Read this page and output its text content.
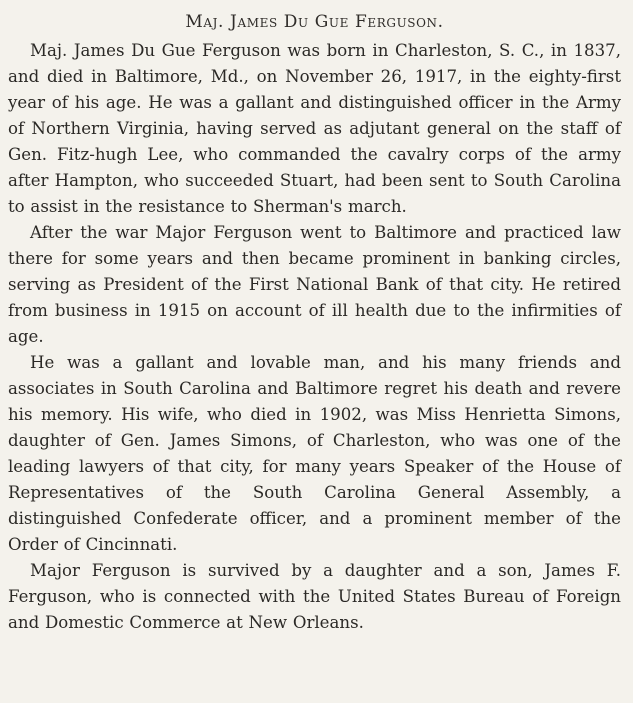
Maj. James Du Gue Ferguson.

Maj. James Du Gue Ferguson was born in Charleston, S. C., in 1837, and died in Baltimore, Md., on November 26, 1917, in the eighty-first year of his age. He was a gallant and distinguished officer in the Army of Northern Virginia, having served as adjutant general on the staff of Gen. Fitz-hugh Lee, who commanded the cavalry corps of the army after Hampton, who succeeded Stuart, had been sent to South Carolina to assist in the resistance to Sherman's march.

After the war Major Ferguson went to Baltimore and practiced law there for some years and then became prominent in banking circles, serving as President of the First National Bank of that city. He retired from business in 1915 on account of ill health due to the infirmities of age.

He was a gallant and lovable man, and his many friends and associates in South Carolina and Baltimore regret his death and revere his memory. His wife, who died in 1902, was Miss Henrietta Simons, daughter of Gen. James Simons, of Charleston, who was one of the leading lawyers of that city, for many years Speaker of the House of Representatives of the South Carolina General Assembly, a distinguished Confederate officer, and a prominent member of the Order of Cincinnati.

Major Ferguson is survived by a daughter and a son, James F. Ferguson, who is connected with the United States Bureau of Foreign and Domestic Commerce at New Orleans.
